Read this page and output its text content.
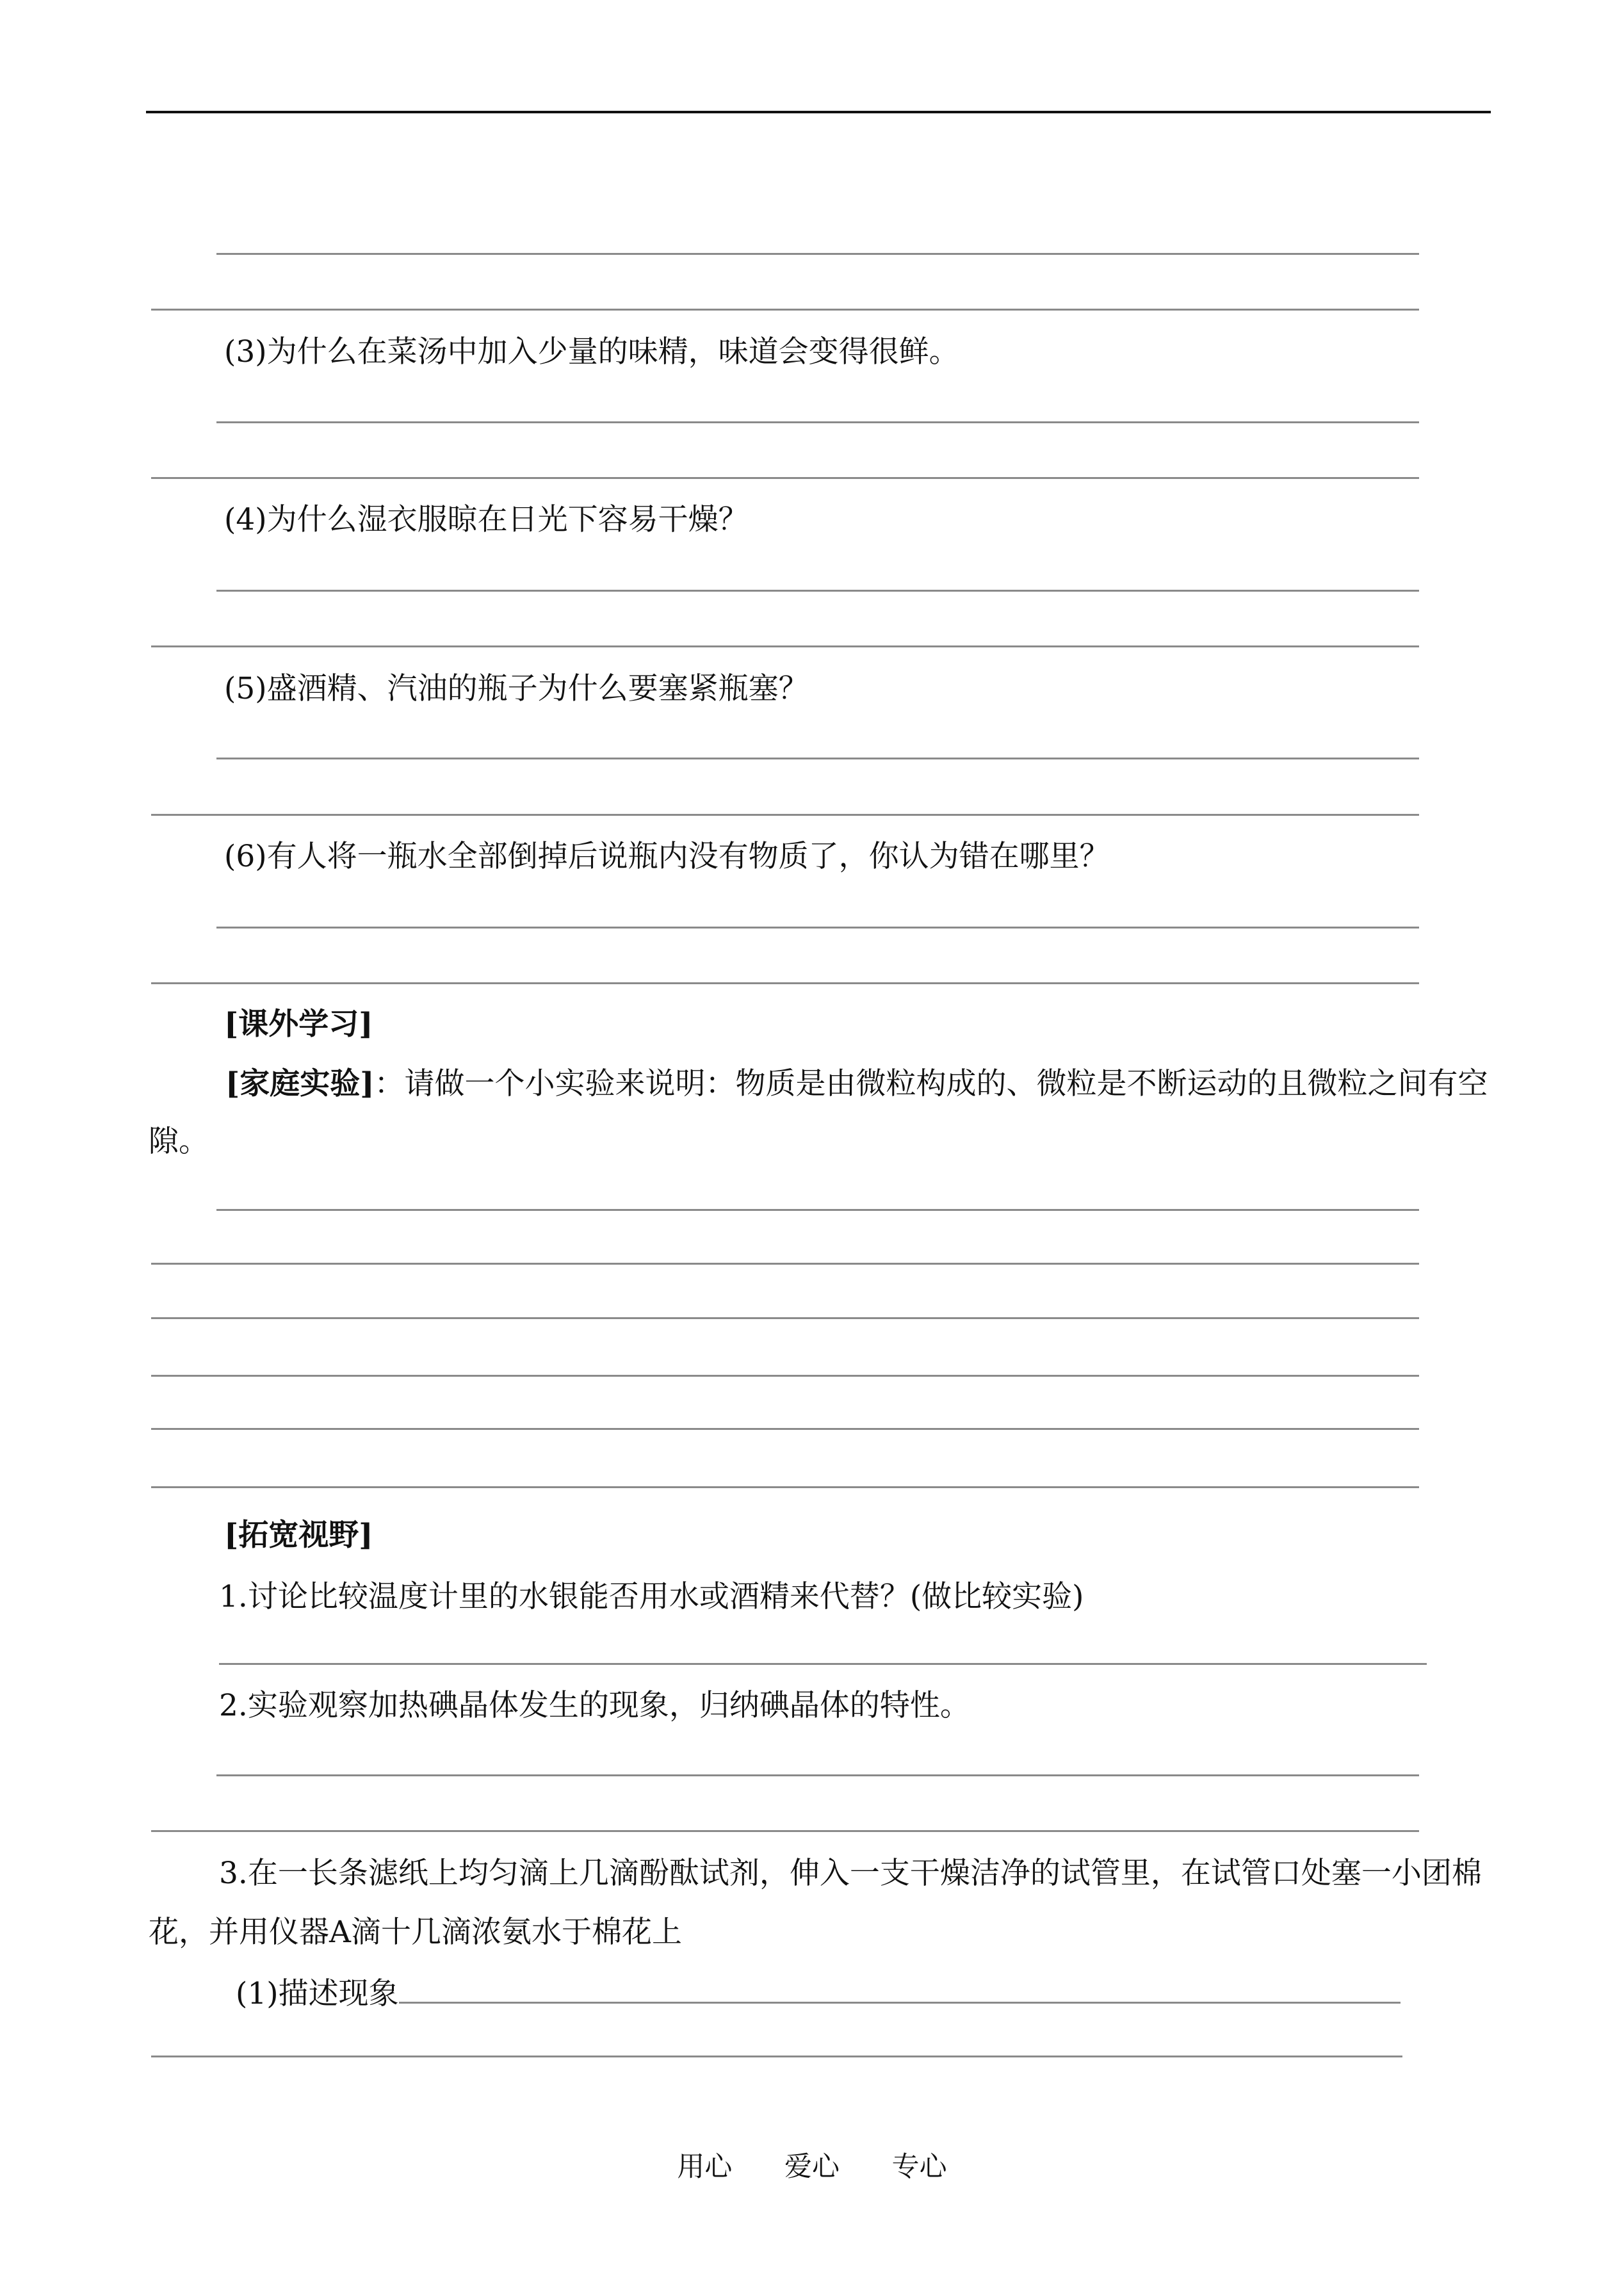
(3)为什么在菜汤中加入少量的味精，味道会变得很鲜。
(4)为什么湿衣服晾在日光下容易干燥？
(5)盛酒精、汽油的瓶子为什么要塞紧瓶塞？
(6)有人将一瓶水全部倒掉后说瓶内没有物质了，你认为错在哪里？
[课外学习]
[家庭实验]：请做一个小实验来说明：物质是由微粒构成的、微粒是不断运动的且微粒之间有空隙。
[拓宽视野]
1.讨论比较温度计里的水银能否用水或酒精来代替？(做比较实验)
2.实验观察加热碘晶体发生的现象，归纳碘晶体的特性。
3.在一长条滤纸上均匀滴上几滴酚酞试剂，伸入一支干燥洁净的试管里，在试管口处塞一小团棉花，并用仪器A滴十几滴浓氨水于棉花上
(1)描述现象
用心 爱心 专心
